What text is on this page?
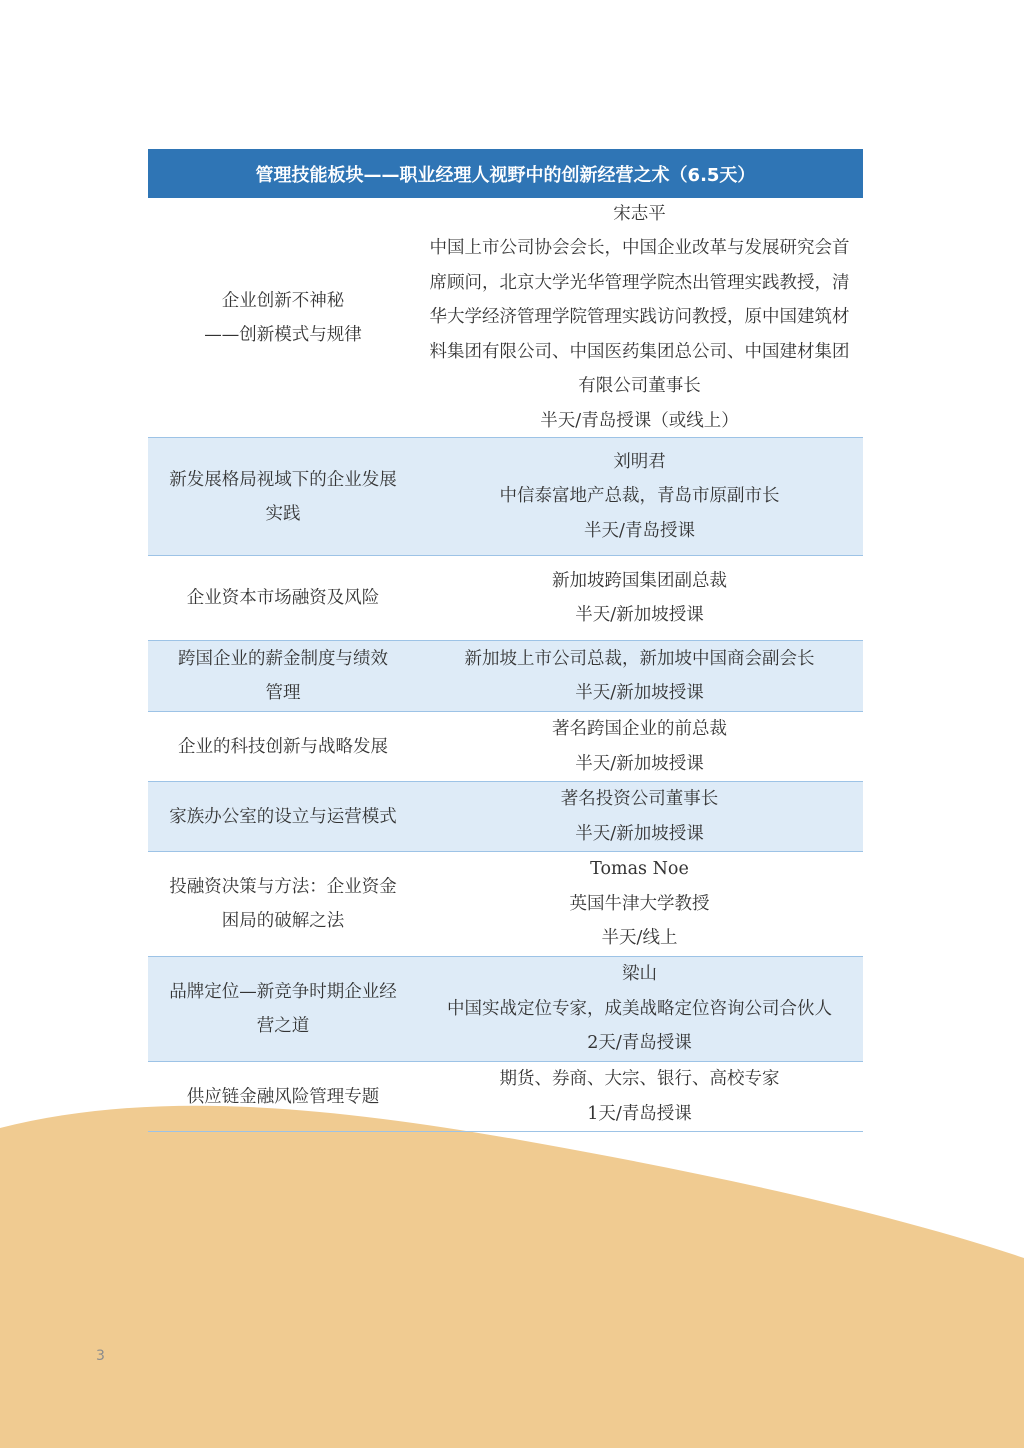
管理技能板块——职业经理人视野中的创新经营之术（6.5天）
企业创新不神秘
——创新模式与规律
宋志平
中国上市公司协会会长，中国企业改革与发展研究会首
席顾问，北京大学光华管理学院杰出管理实践教授，清
华大学经济管理学院管理实践访问教授，原中国建筑材
料集团有限公司、中国医药集团总公司、中国建材集团
有限公司董事长
半天/青岛授课（或线上）
新发展格局视域下的企业发展
实践
刘明君
中信泰富地产总裁，青岛市原副市长
半天/青岛授课
企业资本市场融资及风险
新加坡跨国集团副总裁
半天/新加坡授课
跨国企业的薪金制度与绩效
管理
新加坡上市公司总裁，新加坡中国商会副会长
半天/新加坡授课
企业的科技创新与战略发展
著名跨国企业的前总裁
半天/新加坡授课
家族办公室的设立与运营模式
著名投资公司董事长
半天/新加坡授课
投融资决策与方法：企业资金
困局的破解之法
Tomas Noe
英国牛津大学教授
半天/线上
品牌定位—新竞争时期企业经
营之道
梁山
中国实战定位专家，成美战略定位咨询公司合伙人
2天/青岛授课
供应链金融风险管理专题
期货、券商、大宗、银行、高校专家
1天/青岛授课
3
